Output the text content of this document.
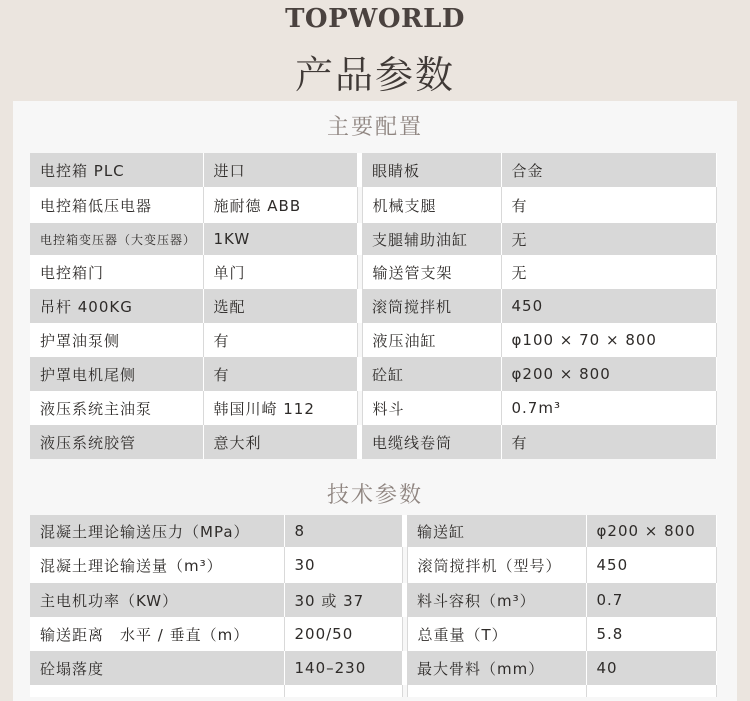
TOPWORLD
产品参数
主要配置
电控箱 PLC	进口		眼睛板	合金
电控箱低压电器	施耐德 ABB		机械支腿	有
电控箱变压器（大变压器）	1KW		支腿辅助油缸	无
电控箱门	单门		输送管支架	无
吊杆 400KG	选配		滚筒搅拌机	450
护罩油泵侧	有		液压油缸	φ100 × 70 × 800
护罩电机尾侧	有		砼缸	φ200 × 800
液压系统主油泵	韩国川崎 112		料斗	0.7m³
液压系统胶管	意大利		电缆线卷筒	有
技术参数
混凝土理论输送压力（MPa）	8		输送缸	φ200 × 800
混凝土理论输送量（m³）	30		滚筒搅拌机（型号）	450
主电机功率（KW）	30 或 37		料斗容积（m³）	0.7
输送距离　水平 / 垂直（m）	200/50		总重量（T）	5.8
砼塌落度	140–230		最大骨料（mm）	40
